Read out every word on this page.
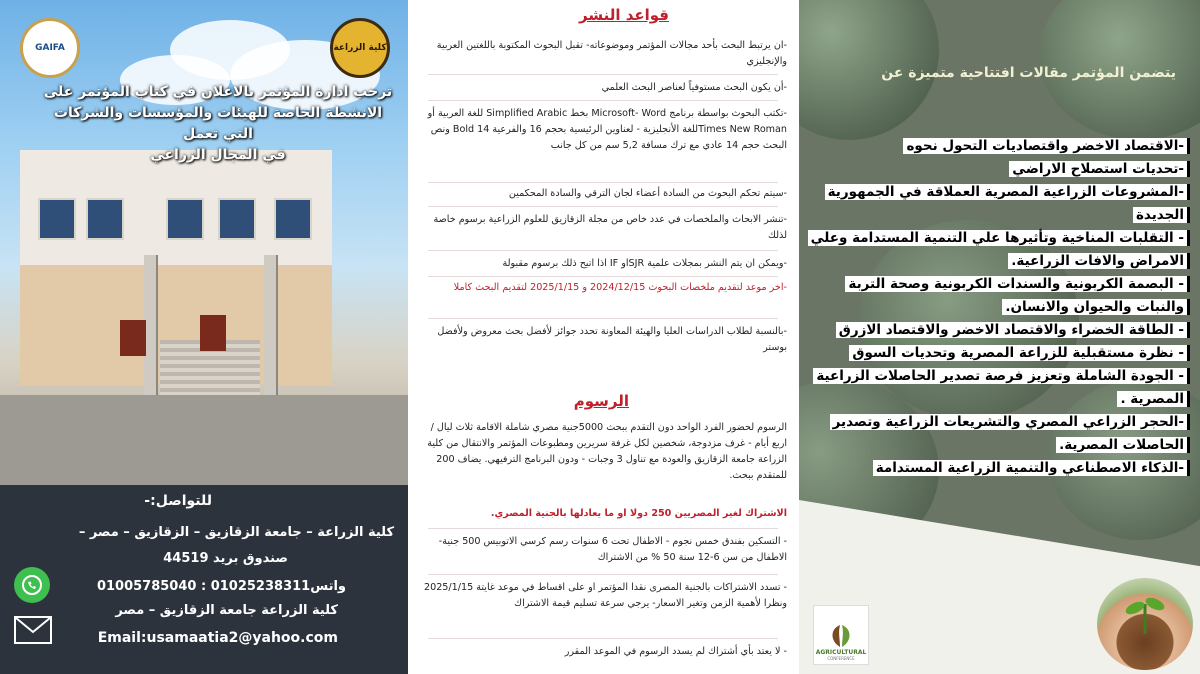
GAIFA	كلية الزراعة
ترحب ادارة المؤتمر بالاعلان في كتاب المؤتمر على
الانشطة الخاصة للهيئات والمؤسسات والشركات التي تعمل
في المجال الزراعي
للتواصل:-
كلية الزراعة – جامعة الزقازيق – الزقازيق – مصر –
صندوق بريد 44519
واتس01025238311 : 01005785040
كلية الزراعة جامعة الزقازيق – مصر
Email:usamaatia2@yahoo.com
قواعد النشر
-ان يرتبط البحث بأحد مجالات المؤتمر وموضوعاته- تقبل البحوث المكتوبة باللغتين العربية والإنجليزي
-أن يكون البحث مستوفياً لعناصر البحث العلمي
-تكتب البحوث بواسطة برنامج Microsoft- Word بخط Simplified Arabic للغة العربية أو Times New Romanللغة الأنجليزية - لعناوين الرئيسية بحجم 16 والفرعية Bold 14 ونص البحث حجم 14 عادي مع ترك مسافة 5,2 سم من كل جانب
-سيتم تحكم البحوث من السادة أعضاء لجان الترقي والسادة المحكمين
-تنشر الابحاث والملخصات في عدد خاص من مجلة الزقازيق للعلوم الزراعية برسوم خاصة لذلك
-ويمكن ان يتم النشر بمجلات علمية SJRاو IF اذا اتيح ذلك برسوم مقبولة
-اخر موعد لتقديم ملخصات البحوث 2024/12/15 و 2025/1/15 لتقديم البحث كاملا
-بالنسبة لطلاب الدراسات العليا والهيئة المعاونة تحدد جوائز لأفضل بحث معروض ولأفضل بوستر
الرسوم
الرسوم لحضور الفرد الواحد دون التقدم ببحث 5000جنية مصري شاملة الاقامة ثلاث ليال / اربع أيام - غرف مزدوجة، شخصين لكل غرفة سريرين ومطبوعات المؤتمر والانتقال من كلية الزراعة جامعة الزقازيق والعودة مع تناول 3 وجبات - ودون البرنامج الترفيهي. يضاف 200 للمتقدم ببحث.
الاشتراك لغير المصريين 250 دولا او ما يعادلها بالجنية المصري.
- التسكين بفندق خمس نجوم - الاطفال تحت 6 سنوات رسم كرسي الاتوبيس 500 جنية- الاطفال من سن 6-12 سنة 50 % من الاشتراك
- تسدد الاشتراكات بالجنية المصرى نقدا المؤتمر او على اقساط في موعد غايتة 2025/1/15 ونظرا لأهمية الزمن وتغير الاسعار- يرجي سرعة تسليم قيمة الاشتراك
- لا يعتد بأي أشتراك لم يسدد الرسوم في الموعد المقرر
يتضمن المؤتمر مقالات افتتاحية متميزة عن
-الاقتصاد الاخضر واقتصاديات التحول نحوه
-تحديات استصلاح الاراضي
-المشروعات الزراعية المصرية العملاقة في الجمهورية الجديدة
- التقلبات المناخية وتأثيرها علي التنمية المستدامة وعلي الامراض والافات الزراعية.
- البصمة الكربونية والسندات الكربونية وصحة التربة والنبات والحيوان والانسان.
- الطاقة الخضراء والاقتصاد الاخضر والاقتصاد الازرق
- نظرة مستقبلية للزراعة المصرية وتحديات السوق
- الجودة الشاملة وتعزيز فرصة تصدير الحاصلات الزراعية المصرية .
-الحجر الزراعي المصري والتشريعات الزراعية وتصدير الحاصلات المصرية.
-الذكاء الاصطناعي والتنمية الزراعية المستدامة
AGRICULTURAL
CONFERENCE
